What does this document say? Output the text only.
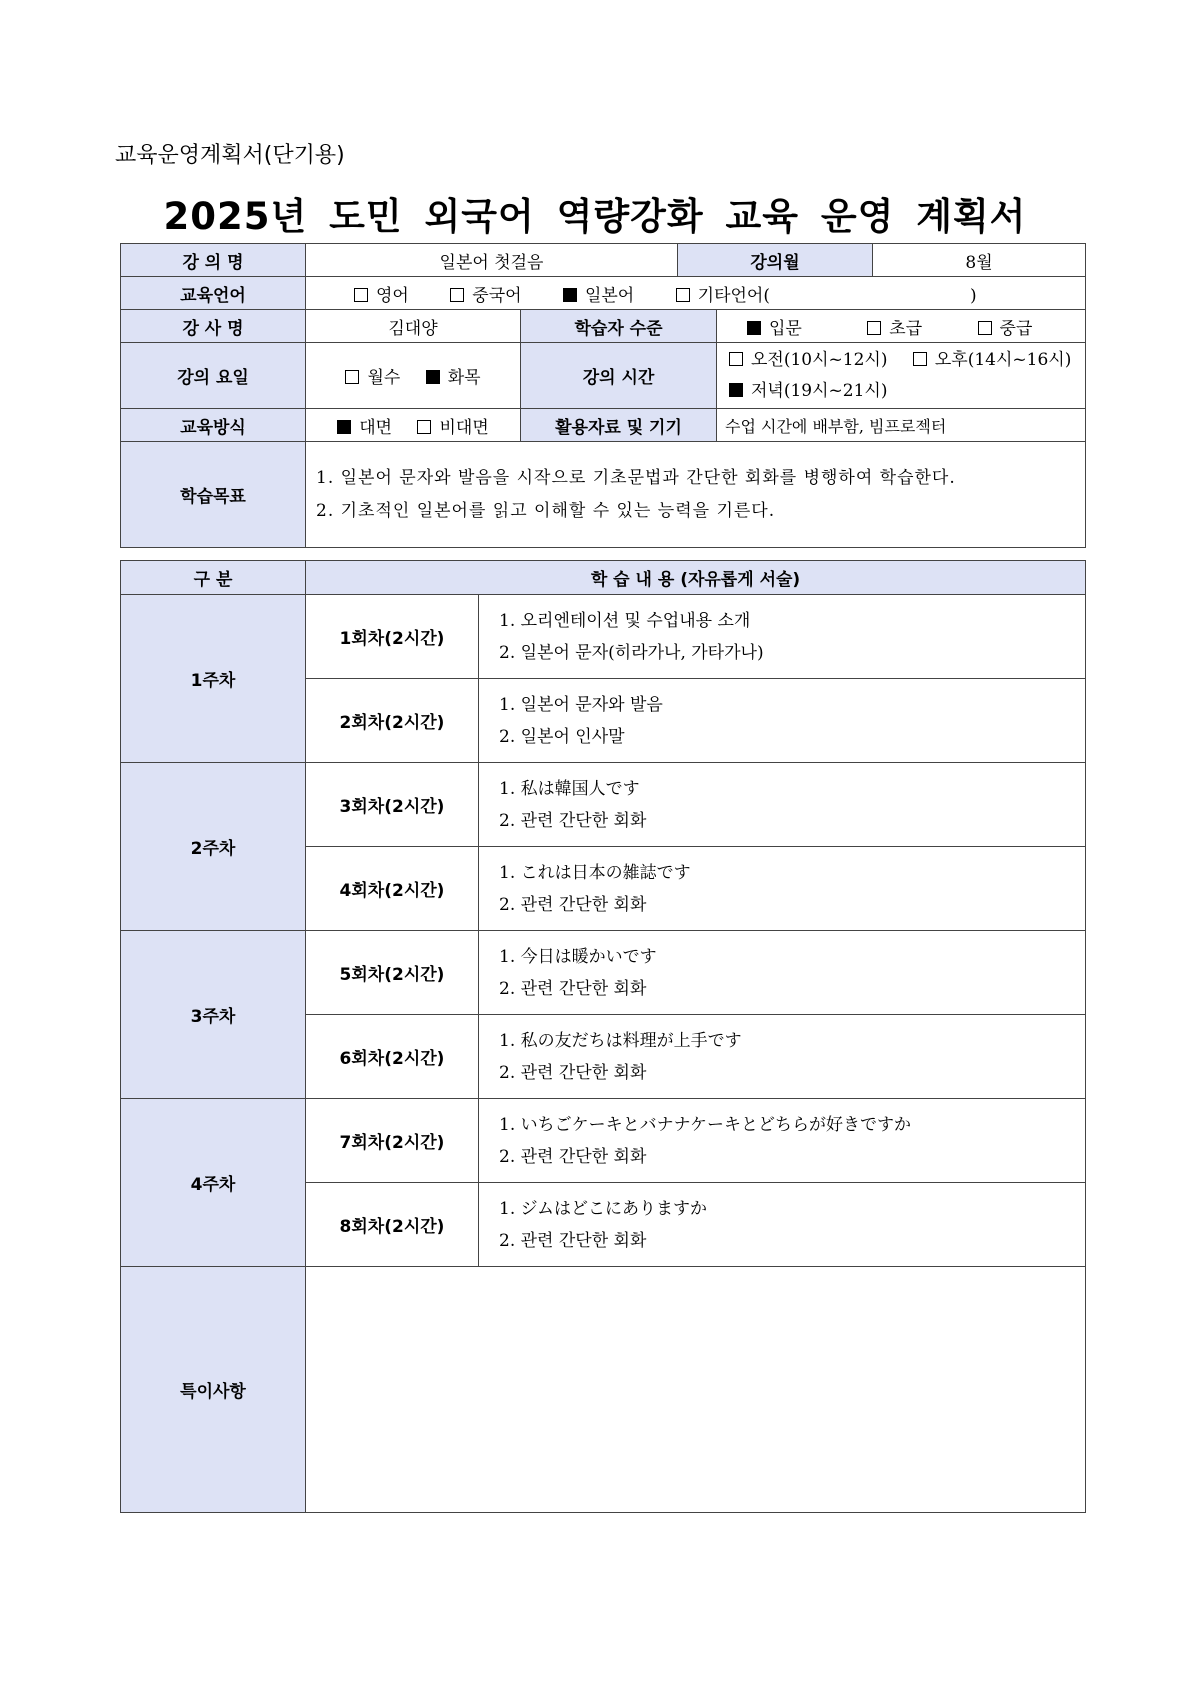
교육운영계획서(단기용)
2025년 도민 외국어 역량강화 교육 운영 계획서
강 의 명	일본어 첫걸음		강의월		8월
교육언어	영어 중국어 일본어 기타언어( )				
강 사 명	김대양	학습자 수준		입문 초급 중급	
강의 요일	월수 화목	강의 시간		오전(10시~12시) 오후(14시~16시)
저녁(19시~21시)	

교육방식	대면 비대면	활용자료 및 기기		수업 시간에 배부함, 빔프로젝터	
학습목표	1. 일본어 문자와 발음을 시작으로 기초문법과 간단한 회화를 병행하여 학습한다.
2. 기초적인 일본어를 읽고 이해할 수 있는 능력을 기른다.				
구 분	학 습 내 용 (자유롭게 서술)	
1주차	1회차(2시간)	1. 오리엔테이션 및 수업내용 소개
2. 일본어 문자(히라가나, 가타가나)

	2회차(2시간)	1. 일본어 문자와 발음
2. 일본어 인사말

2주차	3회차(2시간)	1. 私は韓国人です
2. 관련 간단한 회화

	4회차(2시간)	1. これは日本の雑誌です
2. 관련 간단한 회화

3주차	5회차(2시간)	1. 今日は暖かいです
2. 관련 간단한 회화

	6회차(2시간)	1. 私の友だちは料理が上手です
2. 관련 간단한 회화

4주차	7회차(2시간)	1. いちごケーキとバナナケーキとどちらが好きですか
2. 관련 간단한 회화

	8회차(2시간)	1. ジムはどこにありますか
2. 관련 간단한 회화

특이사항		
